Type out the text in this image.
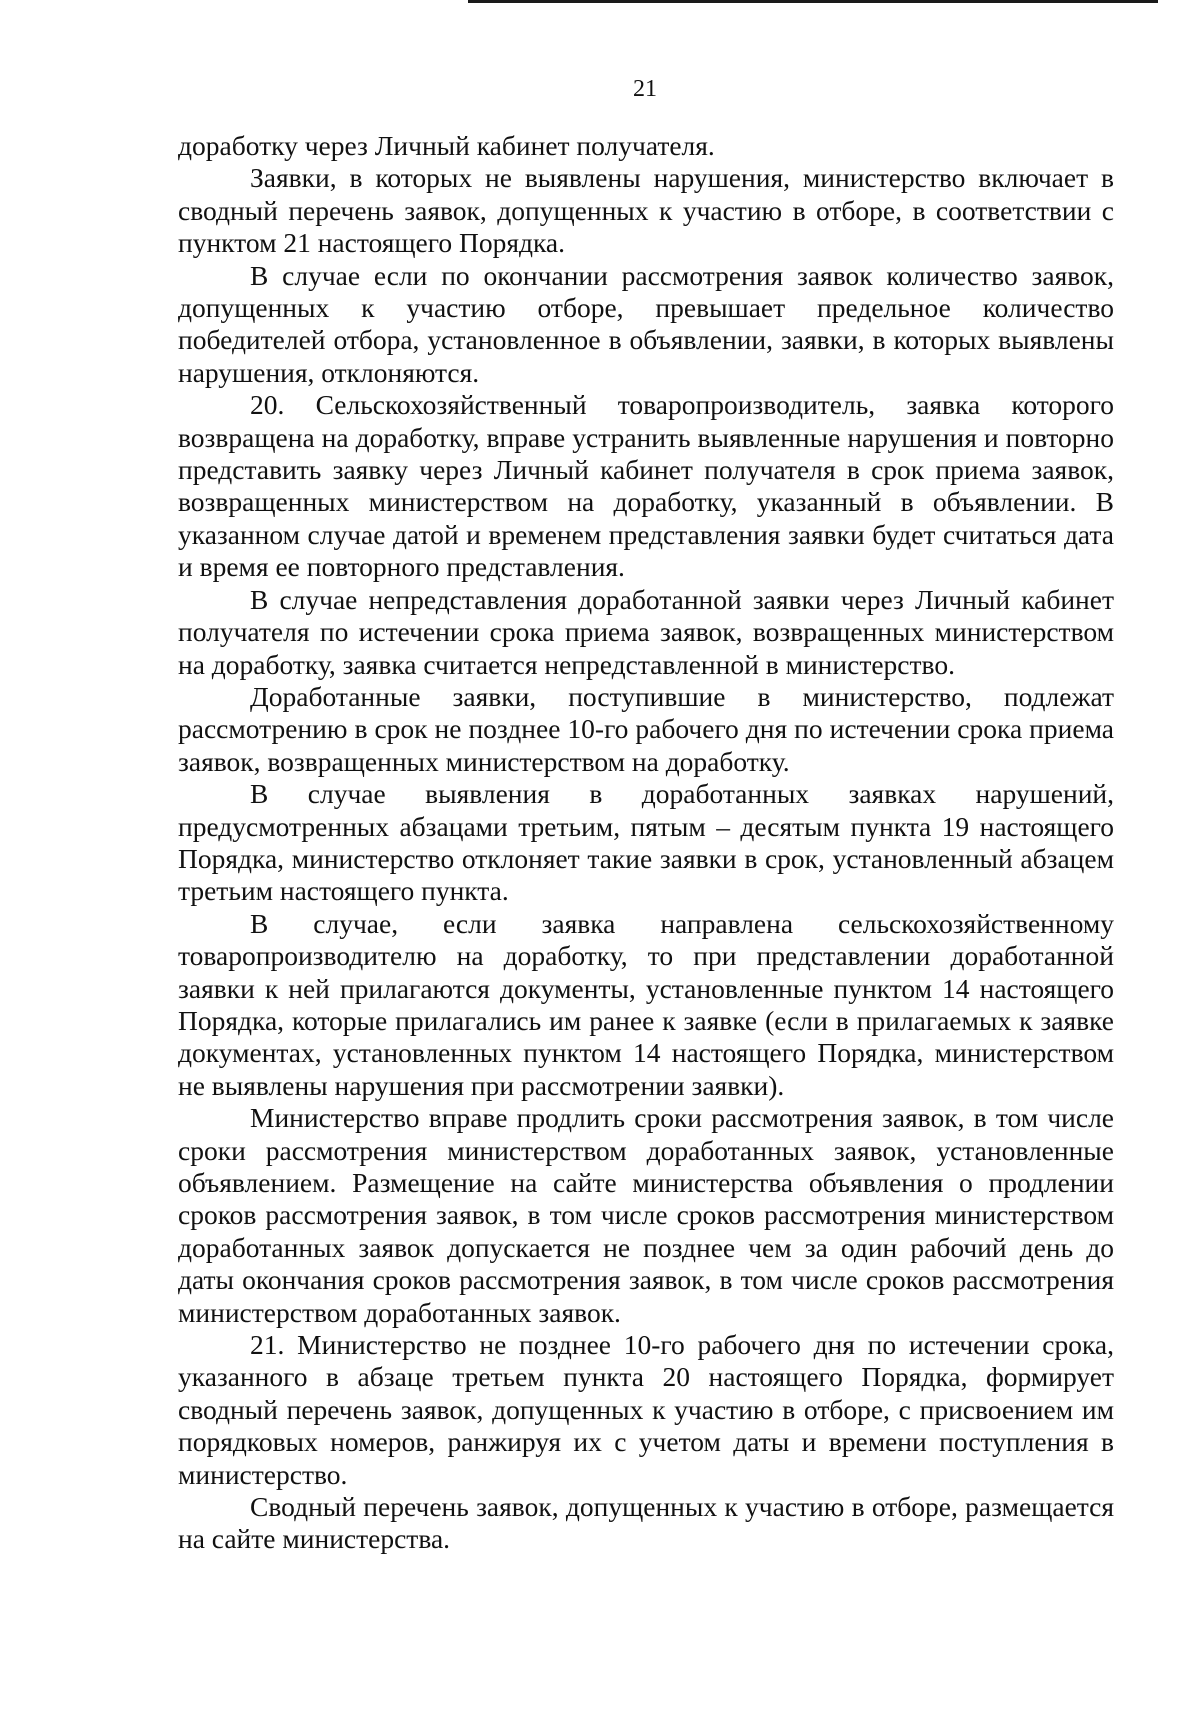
21

доработку через Личный кабинет получателя.

Заявки, в которых не выявлены нарушения, министерство включает в сводный перечень заявок, допущенных к участию в отборе, в соответствии с пунктом 21 настоящего Порядка.

В случае если по окончании рассмотрения заявок количество заявок, допущенных к участию отборе, превышает предельное количество победителей отбора, установленное в объявлении, заявки, в которых выявлены нарушения, отклоняются.

20. Сельскохозяйственный товаропроизводитель, заявка которого возвращена на доработку, вправе устранить выявленные нарушения и повторно представить заявку через Личный кабинет получателя в срок приема заявок, возвращенных министерством на доработку, указанный в объявлении. В указанном случае датой и временем представления заявки будет считаться дата и время ее повторного представления.

В случае непредставления доработанной заявки через Личный кабинет получателя по истечении срока приема заявок, возвращенных министерством на доработку, заявка считается непредставленной в министерство.

Доработанные заявки, поступившие в министерство, подлежат рассмотрению в срок не позднее 10-го рабочего дня по истечении срока приема заявок, возвращенных министерством на доработку.

В случае выявления в доработанных заявках нарушений, предусмотренных абзацами третьим, пятым – десятым пункта 19 настоящего Порядка, министерство отклоняет такие заявки в срок, установленный абзацем третьим настоящего пункта.

В случае, если заявка направлена сельскохозяйственному товаропроизводителю на доработку, то при представлении доработанной заявки к ней прилагаются документы, установленные пунктом 14 настоящего Порядка, которые прилагались им ранее к заявке (если в прилагаемых к заявке документах, установленных пунктом 14 настоящего Порядка, министерством не выявлены нарушения при рассмотрении заявки).

Министерство вправе продлить сроки рассмотрения заявок, в том числе сроки рассмотрения министерством доработанных заявок, установленные объявлением. Размещение на сайте министерства объявления о продлении сроков рассмотрения заявок, в том числе сроков рассмотрения министерством доработанных заявок допускается не позднее чем за один рабочий день до даты окончания сроков рассмотрения заявок, в том числе сроков рассмотрения министерством доработанных заявок.

21. Министерство не позднее 10-го рабочего дня по истечении срока, указанного в абзаце третьем пункта 20 настоящего Порядка, формирует сводный перечень заявок, допущенных к участию в отборе, с присвоением им порядковых номеров, ранжируя их с учетом даты и времени поступления в министерство.

Сводный перечень заявок, допущенных к участию в отборе, размещается на сайте министерства.
